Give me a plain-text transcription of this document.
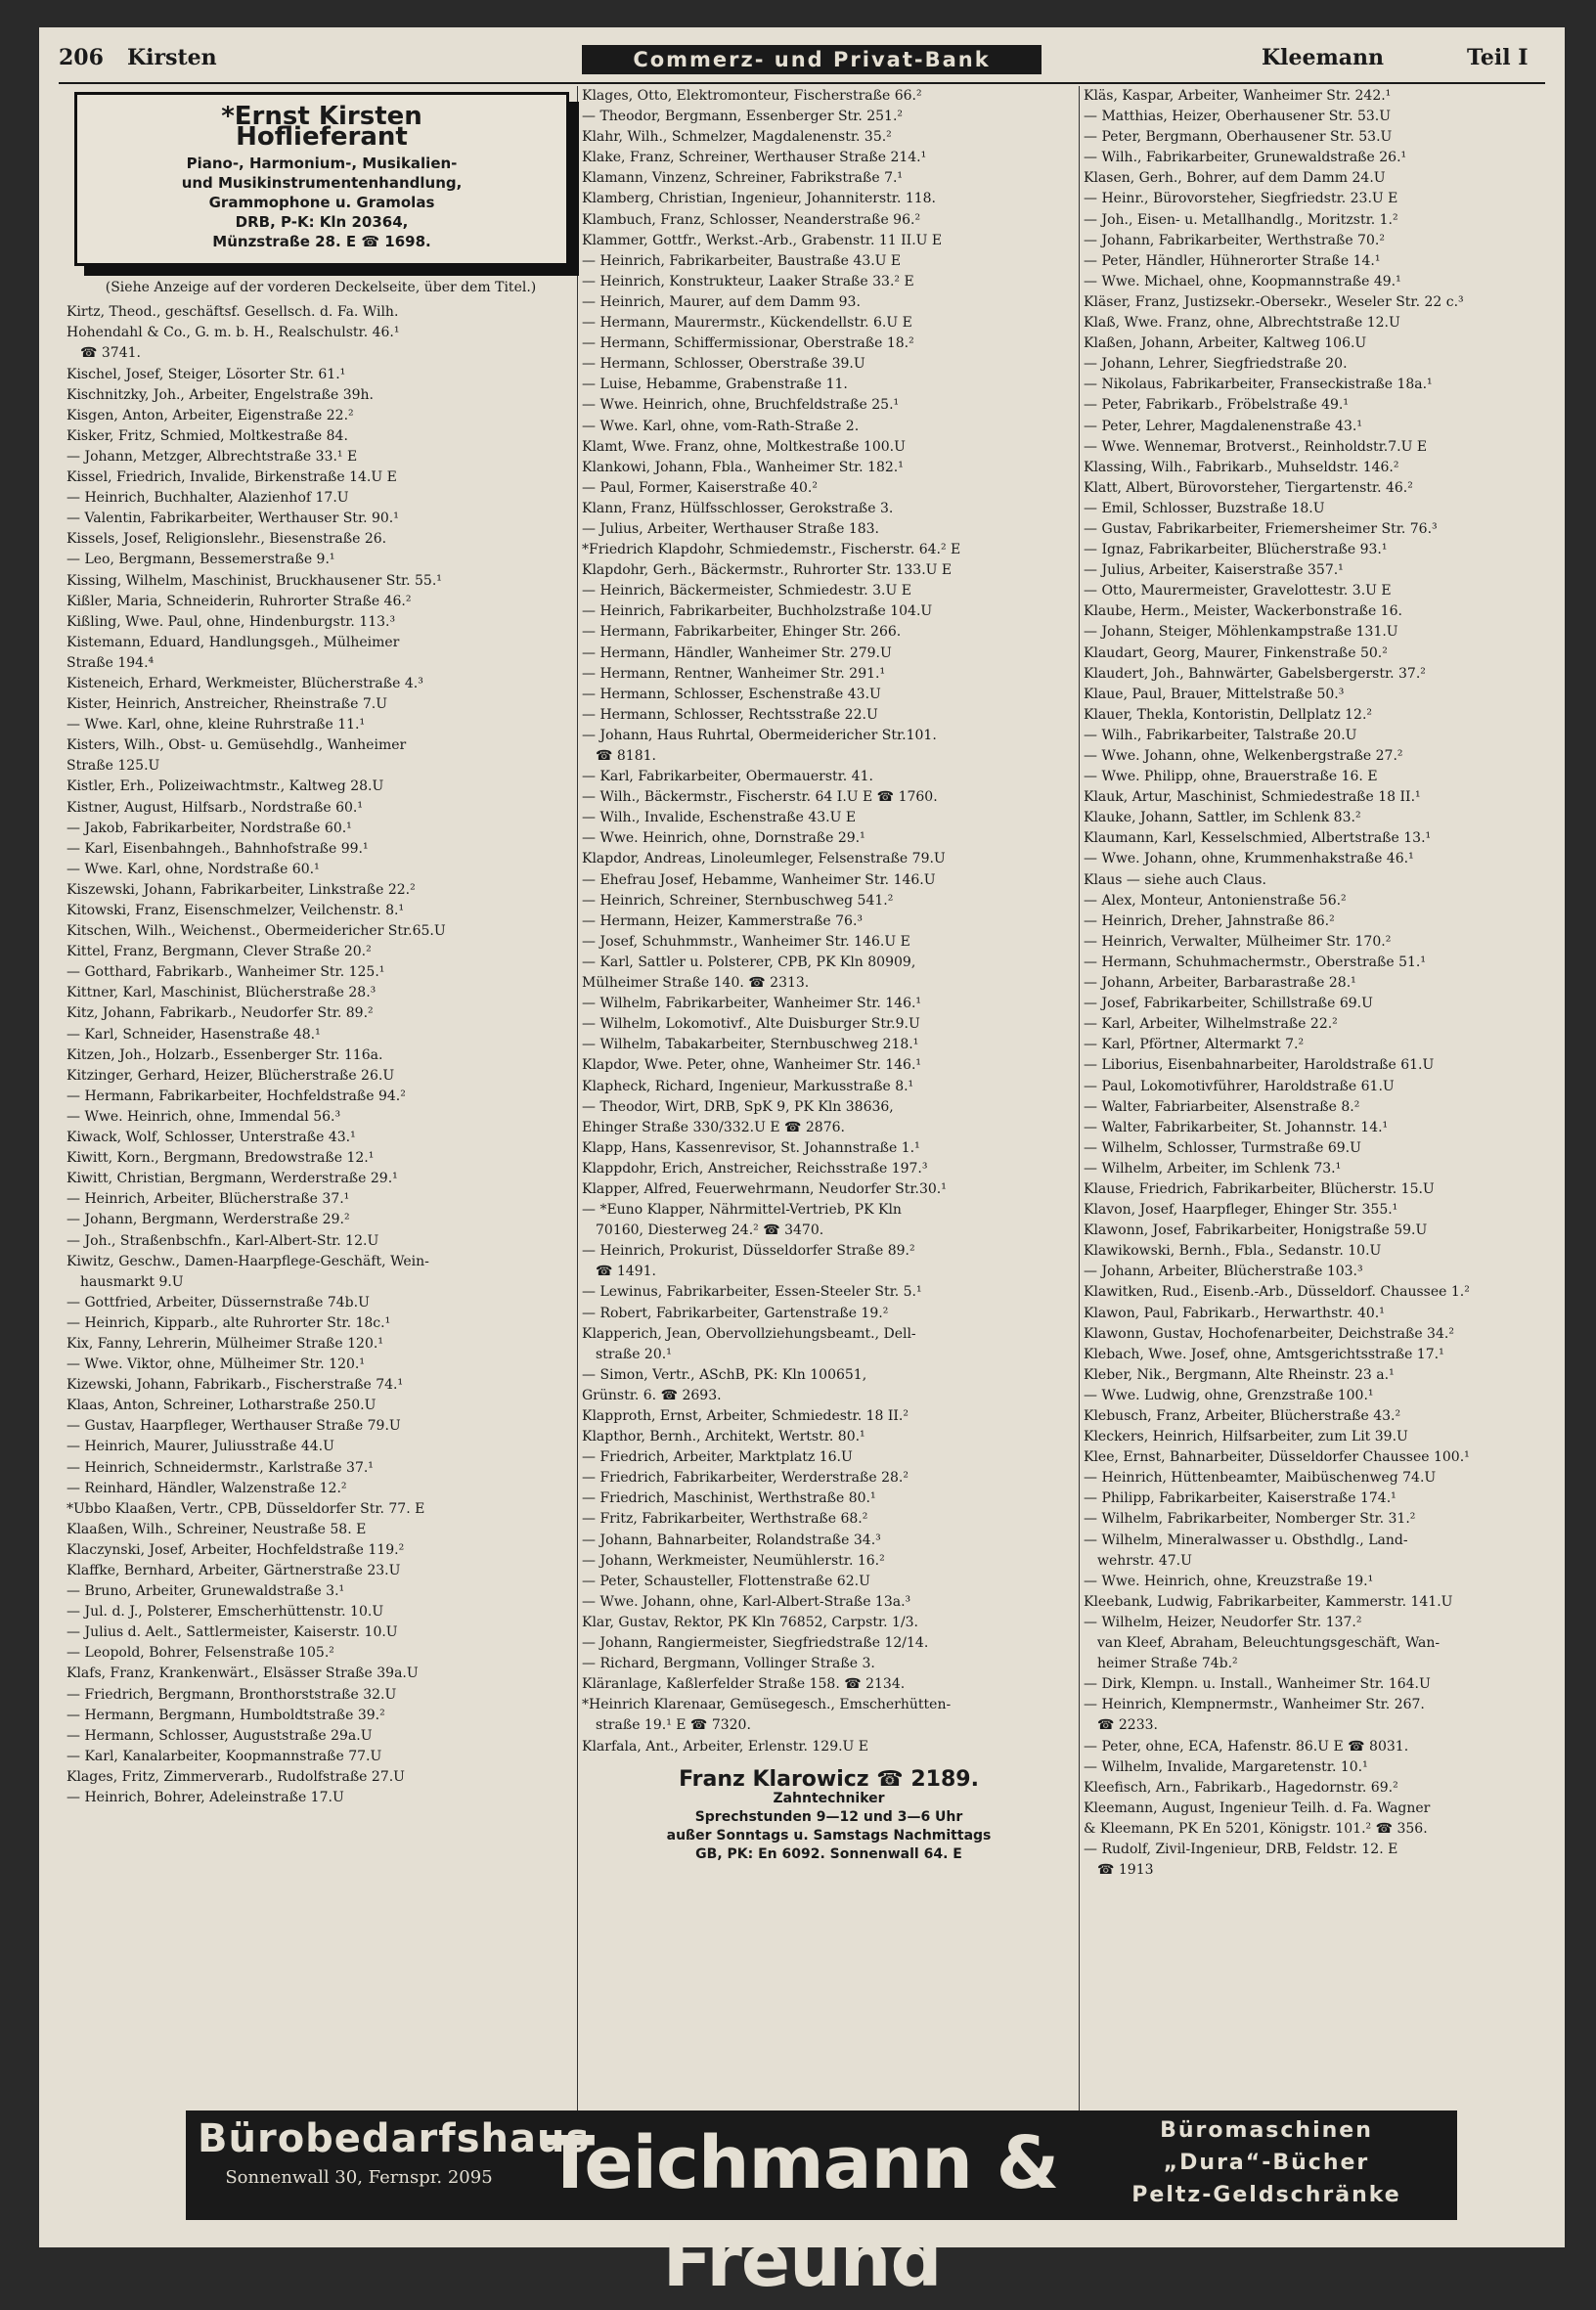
206 Kirsten	Commerz- und Privat-Bank	Kleemann	Teil I
*Ernst Kirsten
Hoflieferant
Piano-, Harmonium-, Musikalien-
und Musikinstrumentenhandlung,
Grammophone u. Gramolas
DRB, P-K: Kln 20364,
Münzstraße 28. E ☎ 1698.
(Siehe Anzeige auf der vorderen Deckelseite, über dem Titel.)
Kirtz, Theod., geschäftsf. Gesellsch. d. Fa. Wilh.
Hohendahl & Co., G. m. b. H., Realschulstr. 46.¹
☎ 3741.
Kischel, Josef, Steiger, Lösorter Str. 61.¹
Kischnitzky, Joh., Arbeiter, Engelstraße 39h.
Kisgen, Anton, Arbeiter, Eigenstraße 22.²
Kisker, Fritz, Schmied, Moltkestraße 84.
— Johann, Metzger, Albrechtstraße 33.¹ E
Kissel, Friedrich, Invalide, Birkenstraße 14.U E
— Heinrich, Buchhalter, Alazienhof 17.U
— Valentin, Fabrikarbeiter, Werthauser Str. 90.¹
Kissels, Josef, Religionslehr., Biesenstraße 26.
— Leo, Bergmann, Bessemerstraße 9.¹
Kissing, Wilhelm, Maschinist, Bruckhausener Str. 55.¹
Kißler, Maria, Schneiderin, Ruhrorter Straße 46.²
Kißling, Wwe. Paul, ohne, Hindenburgstr. 113.³
Kistemann, Eduard, Handlungsgeh., Mülheimer
Straße 194.⁴
Kisteneich, Erhard, Werkmeister, Blücherstraße 4.³
Kister, Heinrich, Anstreicher, Rheinstraße 7.U
— Wwe. Karl, ohne, kleine Ruhrstraße 11.¹
Kisters, Wilh., Obst- u. Gemüsehdlg., Wanheimer
Straße 125.U
Kistler, Erh., Polizeiwachtmstr., Kaltweg 28.U
Kistner, August, Hilfsarb., Nordstraße 60.¹
— Jakob, Fabrikarbeiter, Nordstraße 60.¹
— Karl, Eisenbahngeh., Bahnhofstraße 99.¹
— Wwe. Karl, ohne, Nordstraße 60.¹
Kiszewski, Johann, Fabrikarbeiter, Linkstraße 22.²
Kitowski, Franz, Eisenschmelzer, Veilchenstr. 8.¹
Kitschen, Wilh., Weichenst., Obermeidericher Str.65.U
Kittel, Franz, Bergmann, Clever Straße 20.²
— Gotthard, Fabrikarb., Wanheimer Str. 125.¹
Kittner, Karl, Maschinist, Blücherstraße 28.³
Kitz, Johann, Fabrikarb., Neudorfer Str. 89.²
— Karl, Schneider, Hasenstraße 48.¹
Kitzen, Joh., Holzarb., Essenberger Str. 116a.
Kitzinger, Gerhard, Heizer, Blücherstraße 26.U
— Hermann, Fabrikarbeiter, Hochfeldstraße 94.²
— Wwe. Heinrich, ohne, Immendal 56.³
Kiwack, Wolf, Schlosser, Unterstraße 43.¹
Kiwitt, Korn., Bergmann, Bredowstraße 12.¹
Kiwitt, Christian, Bergmann, Werderstraße 29.¹
— Heinrich, Arbeiter, Blücherstraße 37.¹
— Johann, Bergmann, Werderstraße 29.²
— Joh., Straßenbschfn., Karl-Albert-Str. 12.U
Kiwitz, Geschw., Damen-Haarpflege-Geschäft, Wein-
hausmarkt 9.U
— Gottfried, Arbeiter, Düssernstraße 74b.U
— Heinrich, Kipparb., alte Ruhrorter Str. 18c.¹
Kix, Fanny, Lehrerin, Mülheimer Straße 120.¹
— Wwe. Viktor, ohne, Mülheimer Str. 120.¹
Kizewski, Johann, Fabrikarb., Fischerstraße 74.¹
Klaas, Anton, Schreiner, Lotharstraße 250.U
— Gustav, Haarpfleger, Werthauser Straße 79.U
— Heinrich, Maurer, Juliusstraße 44.U
— Heinrich, Schneidermstr., Karlstraße 37.¹
— Reinhard, Händler, Walzenstraße 12.²
*Ubbo Klaaßen, Vertr., CPB, Düsseldorfer Str. 77. E
Klaaßen, Wilh., Schreiner, Neustraße 58. E
Klaczynski, Josef, Arbeiter, Hochfeldstraße 119.²
Klaffke, Bernhard, Arbeiter, Gärtnerstraße 23.U
— Bruno, Arbeiter, Grunewaldstraße 3.¹
— Jul. d. J., Polsterer, Emscherhüttenstr. 10.U
— Julius d. Aelt., Sattlermeister, Kaiserstr. 10.U
— Leopold, Bohrer, Felsenstraße 105.²
Klafs, Franz, Krankenwärt., Elsässer Straße 39a.U
— Friedrich, Bergmann, Bronthorststraße 32.U
— Hermann, Bergmann, Humboldtstraße 39.²
— Hermann, Schlosser, Auguststraße 29a.U
— Karl, Kanalarbeiter, Koopmannstraße 77.U
Klages, Fritz, Zimmerverarb., Rudolfstraße 27.U
— Heinrich, Bohrer, Adeleinstraße 17.U
Klages, Otto, Elektromonteur, Fischerstraße 66.²
— Theodor, Bergmann, Essenberger Str. 251.²
Klahr, Wilh., Schmelzer, Magdalenenstr. 35.²
Klake, Franz, Schreiner, Werthauser Straße 214.¹
Klamann, Vinzenz, Schreiner, Fabrikstraße 7.¹
Klamberg, Christian, Ingenieur, Johanniterstr. 118.
Klambuch, Franz, Schlosser, Neanderstraße 96.²
Klammer, Gottfr., Werkst.-Arb., Grabenstr. 11 II.U E
— Heinrich, Fabrikarbeiter, Baustraße 43.U E
— Heinrich, Konstrukteur, Laaker Straße 33.² E
— Heinrich, Maurer, auf dem Damm 93.
— Hermann, Maurermstr., Kückendellstr. 6.U E
— Hermann, Schiffermissionar, Oberstraße 18.²
— Hermann, Schlosser, Oberstraße 39.U
— Luise, Hebamme, Grabenstraße 11.
— Wwe. Heinrich, ohne, Bruchfeldstraße 25.¹
— Wwe. Karl, ohne, vom-Rath-Straße 2.
Klamt, Wwe. Franz, ohne, Moltkestraße 100.U
Klankowi, Johann, Fbla., Wanheimer Str. 182.¹
— Paul, Former, Kaiserstraße 40.²
Klann, Franz, Hülfsschlosser, Gerokstraße 3.
— Julius, Arbeiter, Werthauser Straße 183.
*Friedrich Klapdohr, Schmiedemstr., Fischerstr. 64.² E
Klapdohr, Gerh., Bäckermstr., Ruhrorter Str. 133.U E
— Heinrich, Bäckermeister, Schmiedestr. 3.U E
— Heinrich, Fabrikarbeiter, Buchholzstraße 104.U
— Hermann, Fabrikarbeiter, Ehinger Str. 266.
— Hermann, Händler, Wanheimer Str. 279.U
— Hermann, Rentner, Wanheimer Str. 291.¹
— Hermann, Schlosser, Eschenstraße 43.U
— Hermann, Schlosser, Rechtsstraße 22.U
— Johann, Haus Ruhrtal, Obermeidericher Str.101.
☎ 8181.
— Karl, Fabrikarbeiter, Obermauerstr. 41.
— Wilh., Bäckermstr., Fischerstr. 64 I.U E ☎ 1760.
— Wilh., Invalide, Eschenstraße 43.U E
— Wwe. Heinrich, ohne, Dornstraße 29.¹
Klapdor, Andreas, Linoleumleger, Felsenstraße 79.U
— Ehefrau Josef, Hebamme, Wanheimer Str. 146.U
— Heinrich, Schreiner, Sternbuschweg 541.²
— Hermann, Heizer, Kammerstraße 76.³
— Josef, Schuhmmstr., Wanheimer Str. 146.U E
— Karl, Sattler u. Polsterer, CPB, PK Kln 80909,
Mülheimer Straße 140. ☎ 2313.
— Wilhelm, Fabrikarbeiter, Wanheimer Str. 146.¹
— Wilhelm, Lokomotivf., Alte Duisburger Str.9.U
— Wilhelm, Tabakarbeiter, Sternbuschweg 218.¹
Klapdor, Wwe. Peter, ohne, Wanheimer Str. 146.¹
Klapheck, Richard, Ingenieur, Markusstraße 8.¹
— Theodor, Wirt, DRB, SpK 9, PK Kln 38636,
Ehinger Straße 330/332.U E ☎ 2876.
Klapp, Hans, Kassenrevisor, St. Johannstraße 1.¹
Klappdohr, Erich, Anstreicher, Reichsstraße 197.³
Klapper, Alfred, Feuerwehrmann, Neudorfer Str.30.¹
— *Euno Klapper, Nährmittel-Vertrieb, PK Kln
70160, Diesterweg 24.² ☎ 3470.
— Heinrich, Prokurist, Düsseldorfer Straße 89.²
☎ 1491.
— Lewinus, Fabrikarbeiter, Essen-Steeler Str. 5.¹
— Robert, Fabrikarbeiter, Gartenstraße 19.²
Klapperich, Jean, Obervollziehungsbeamt., Dell-
straße 20.¹
— Simon, Vertr., ASchB, PK: Kln 100651,
Grünstr. 6. ☎ 2693.
Klapproth, Ernst, Arbeiter, Schmiedestr. 18 II.²
Klapthor, Bernh., Architekt, Wertstr. 80.¹
— Friedrich, Arbeiter, Marktplatz 16.U
— Friedrich, Fabrikarbeiter, Werderstraße 28.²
— Friedrich, Maschinist, Werthstraße 80.¹
— Fritz, Fabrikarbeiter, Werthstraße 68.²
— Johann, Bahnarbeiter, Rolandstraße 34.³
— Johann, Werkmeister, Neumühlerstr. 16.²
— Peter, Schausteller, Flottenstraße 62.U
— Wwe. Johann, ohne, Karl-Albert-Straße 13a.³
Klar, Gustav, Rektor, PK Kln 76852, Carpstr. 1/3.
— Johann, Rangiermeister, Siegfriedstraße 12/14.
— Richard, Bergmann, Vollinger Straße 3.
Kläranlage, Kaßlerfelder Straße 158. ☎ 2134.
*Heinrich Klarenaar, Gemüsegesch., Emscherhütten-
straße 19.¹ E ☎ 7320.
Klarfala, Ant., Arbeiter, Erlenstr. 129.U E
Franz Klarowicz ☎ 2189.
Zahntechniker
Sprechstunden 9—12 und 3—6 Uhr
außer Sonntags u. Samstags Nachmittags
GB, PK: En 6092. Sonnenwall 64. E
Kläs, Kaspar, Arbeiter, Wanheimer Str. 242.¹
— Matthias, Heizer, Oberhausener Str. 53.U
— Peter, Bergmann, Oberhausener Str. 53.U
— Wilh., Fabrikarbeiter, Grunewaldstraße 26.¹
Klasen, Gerh., Bohrer, auf dem Damm 24.U
— Heinr., Bürovorsteher, Siegfriedstr. 23.U E
— Joh., Eisen- u. Metallhandlg., Moritzstr. 1.²
— Johann, Fabrikarbeiter, Werthstraße 70.²
— Peter, Händler, Hühnerorter Straße 14.¹
— Wwe. Michael, ohne, Koopmannstraße 49.¹
Kläser, Franz, Justizsekr.-Obersekr., Weseler Str. 22 c.³
Klaß, Wwe. Franz, ohne, Albrechtstraße 12.U
Klaßen, Johann, Arbeiter, Kaltweg 106.U
— Johann, Lehrer, Siegfriedstraße 20.
— Nikolaus, Fabrikarbeiter, Franseckistraße 18a.¹
— Peter, Fabrikarb., Fröbelstraße 49.¹
— Peter, Lehrer, Magdalenenstraße 43.¹
— Wwe. Wennemar, Brotverst., Reinholdstr.7.U E
Klassing, Wilh., Fabrikarb., Muhseldstr. 146.²
Klatt, Albert, Bürovorsteher, Tiergartenstr. 46.²
— Emil, Schlosser, Buzstraße 18.U
— Gustav, Fabrikarbeiter, Friemersheimer Str. 76.³
— Ignaz, Fabrikarbeiter, Blücherstraße 93.¹
— Julius, Arbeiter, Kaiserstraße 357.¹
— Otto, Maurermeister, Gravelottestr. 3.U E
Klaube, Herm., Meister, Wackerbonstraße 16.
— Johann, Steiger, Möhlenkampstraße 131.U
Klaudart, Georg, Maurer, Finkenstraße 50.²
Klaudert, Joh., Bahnwärter, Gabelsbergerstr. 37.²
Klaue, Paul, Brauer, Mittelstraße 50.³
Klauer, Thekla, Kontoristin, Dellplatz 12.²
— Wilh., Fabrikarbeiter, Talstraße 20.U
— Wwe. Johann, ohne, Welkenbergstraße 27.²
— Wwe. Philipp, ohne, Brauerstraße 16. E
Klauk, Artur, Maschinist, Schmiedestraße 18 II.¹
Klauke, Johann, Sattler, im Schlenk 83.²
Klaumann, Karl, Kesselschmied, Albertstraße 13.¹
— Wwe. Johann, ohne, Krummenhakstraße 46.¹
Klaus — siehe auch Claus.
— Alex, Monteur, Antonienstraße 56.²
— Heinrich, Dreher, Jahnstraße 86.²
— Heinrich, Verwalter, Mülheimer Str. 170.²
— Hermann, Schuhmachermstr., Oberstraße 51.¹
— Johann, Arbeiter, Barbarastraße 28.¹
— Josef, Fabrikarbeiter, Schillstraße 69.U
— Karl, Arbeiter, Wilhelmstraße 22.²
— Karl, Pförtner, Altermarkt 7.²
— Liborius, Eisenbahnarbeiter, Haroldstraße 61.U
— Paul, Lokomotivführer, Haroldstraße 61.U
— Walter, Fabriarbeiter, Alsenstraße 8.²
— Walter, Fabrikarbeiter, St. Johannstr. 14.¹
— Wilhelm, Schlosser, Turmstraße 69.U
— Wilhelm, Arbeiter, im Schlenk 73.¹
Klause, Friedrich, Fabrikarbeiter, Blücherstr. 15.U
Klavon, Josef, Haarpfleger, Ehinger Str. 355.¹
Klawonn, Josef, Fabrikarbeiter, Honigstraße 59.U
Klawikowski, Bernh., Fbla., Sedanstr. 10.U
— Johann, Arbeiter, Blücherstraße 103.³
Klawitken, Rud., Eisenb.-Arb., Düsseldorf. Chaussee 1.²
Klawon, Paul, Fabrikarb., Herwarthstr. 40.¹
Klawonn, Gustav, Hochofenarbeiter, Deichstraße 34.²
Klebach, Wwe. Josef, ohne, Amtsgerichtsstraße 17.¹
Kleber, Nik., Bergmann, Alte Rheinstr. 23 a.¹
— Wwe. Ludwig, ohne, Grenzstraße 100.¹
Klebusch, Franz, Arbeiter, Blücherstraße 43.²
Kleckers, Heinrich, Hilfsarbeiter, zum Lit 39.U
Klee, Ernst, Bahnarbeiter, Düsseldorfer Chaussee 100.¹
— Heinrich, Hüttenbeamter, Maibüschenweg 74.U
— Philipp, Fabrikarbeiter, Kaiserstraße 174.¹
— Wilhelm, Fabrikarbeiter, Nomberger Str. 31.²
— Wilhelm, Mineralwasser u. Obsthdlg., Land-
wehrstr. 47.U
— Wwe. Heinrich, ohne, Kreuzstraße 19.¹
Kleebank, Ludwig, Fabrikarbeiter, Kammerstr. 141.U
— Wilhelm, Heizer, Neudorfer Str. 137.²
van Kleef, Abraham, Beleuchtungsgeschäft, Wan-
heimer Straße 74b.²
— Dirk, Klempn. u. Install., Wanheimer Str. 164.U
— Heinrich, Klempnermstr., Wanheimer Str. 267.
☎ 2233.
— Peter, ohne, ECA, Hafenstr. 86.U E ☎ 8031.
— Wilhelm, Invalide, Margaretenstr. 10.¹
Kleefisch, Arn., Fabrikarb., Hagedornstr. 69.²
Kleemann, August, Ingenieur Teilh. d. Fa. Wagner
& Kleemann, PK En 5201, Königstr. 101.² ☎ 356.
— Rudolf, Zivil-Ingenieur, DRB, Feldstr. 12. E
☎ 1913
Bürobedarfshaus
Sonnenwall 30, Fernspr. 2095 Teichmann & Freund
Büromaschinen
„Dura“-Bücher
Peltz-Geldschränke
